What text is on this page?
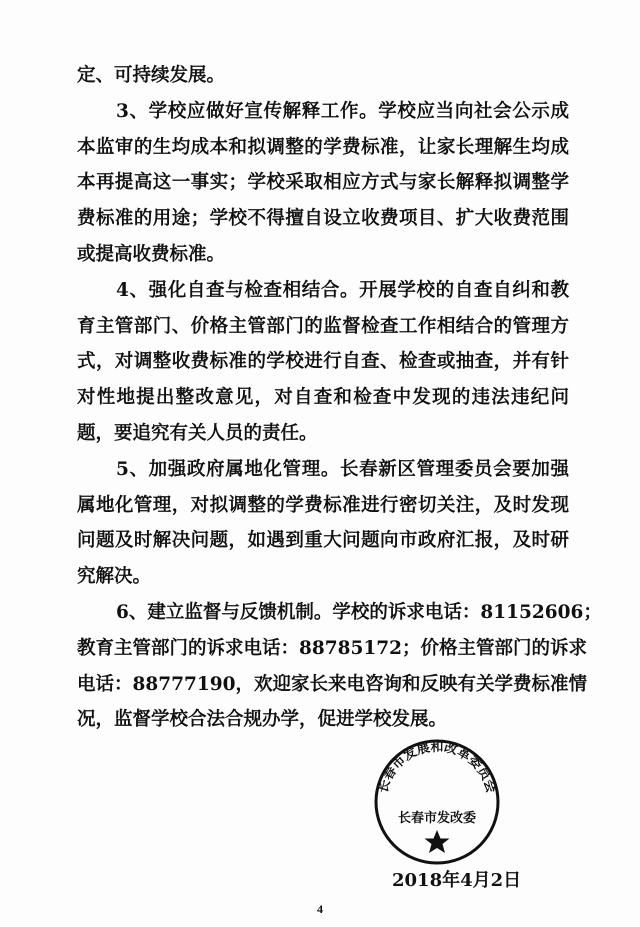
定、可持续发展。
3、学校应做好宣传解释工作。学校应当向社会公示成
本监审的生均成本和拟调整的学费标准，让家长理解生均成
本再提高这一事实；学校采取相应方式与家长解释拟调整学
费标准的用途；学校不得擅自设立收费项目、扩大收费范围
或提高收费标准。
4、强化自查与检查相结合。开展学校的自查自纠和教
育主管部门、价格主管部门的监督检查工作相结合的管理方
式，对调整收费标准的学校进行自查、检查或抽查，并有针
对性地提出整改意见，对自查和检查中发现的违法违纪问
题，要追究有关人员的责任。
5、加强政府属地化管理。长春新区管理委员会要加强
属地化管理，对拟调整的学费标准进行密切关注，及时发现
问题及时解决问题，如遇到重大问题向市政府汇报，及时研
究解决。
6、建立监督与反馈机制。学校的诉求电话：81152606；
教育主管部门的诉求电话：88785172；价格主管部门的诉求
电话：88777190，欢迎家长来电咨询和反映有关学费标准情
况，监督学校合法合规办学，促进学校发展。
长春市发展和改革委员会
长春市发改委
2018年4月2日
4
